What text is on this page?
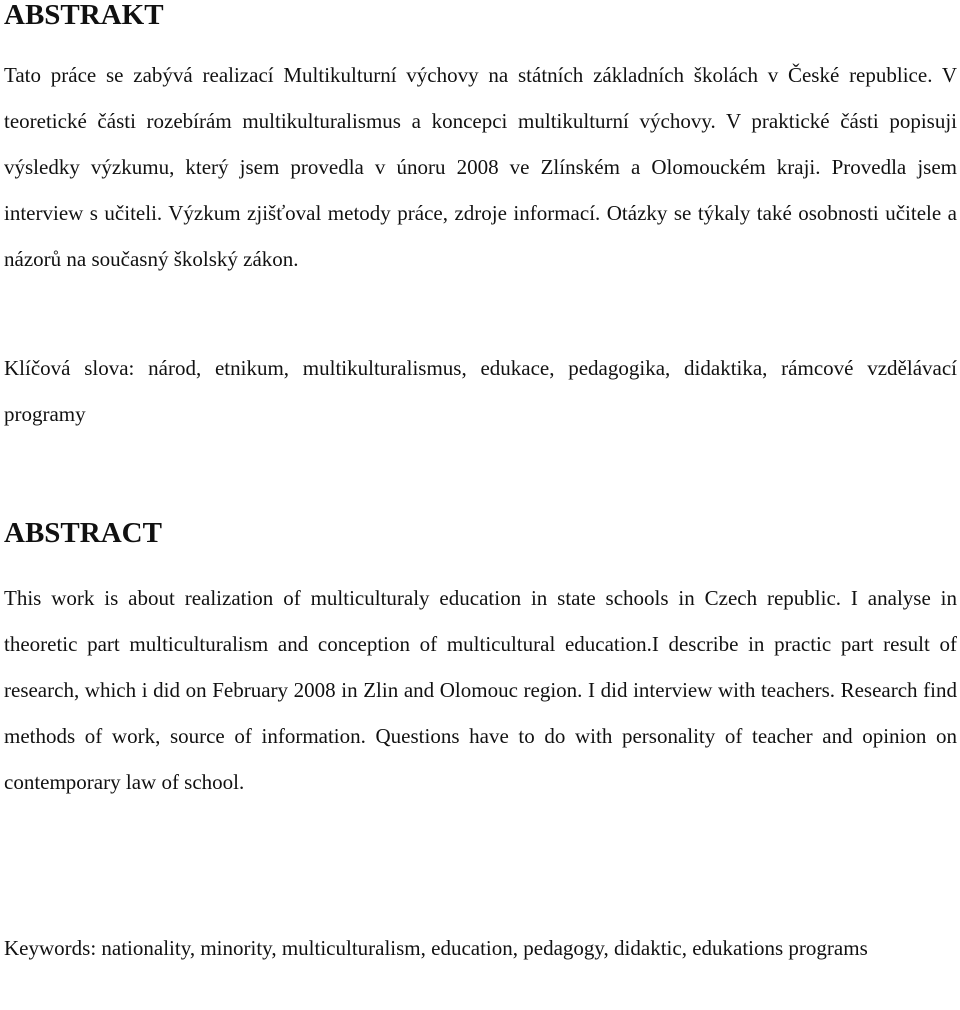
ABSTRAKT

Tato práce se zabývá realizací Multikulturní výchovy na státních základních školách v České republice. V teoretické části rozebírám multikulturalismus a koncepci multikulturní výchovy. V praktické části popisuji výsledky výzkumu, který jsem provedla v únoru 2008 ve Zlínském a Olomouckém kraji. Provedla jsem interview s učiteli. Výzkum zjišťoval metody práce, zdroje informací. Otázky se týkaly také osobnosti učitele a názorů na současný školský zákon.

Klíčová slova: národ, etnikum, multikulturalismus, edukace, pedagogika, didaktika, rámcové vzdělávací programy

ABSTRACT

This work is about realization of multiculturaly education in state schools in Czech republic. I analyse in theoretic part multiculturalism and conception of multicultural education.I describe in practic part result of research, which i did on February 2008 in Zlin and Olomouc region. I did interview with teachers. Research find methods of work, source of information. Questions have to do with personality of teacher and opinion on contemporary law of school.

Keywords: nationality, minority, multiculturalism, education, pedagogy, didaktic, edukations programs
